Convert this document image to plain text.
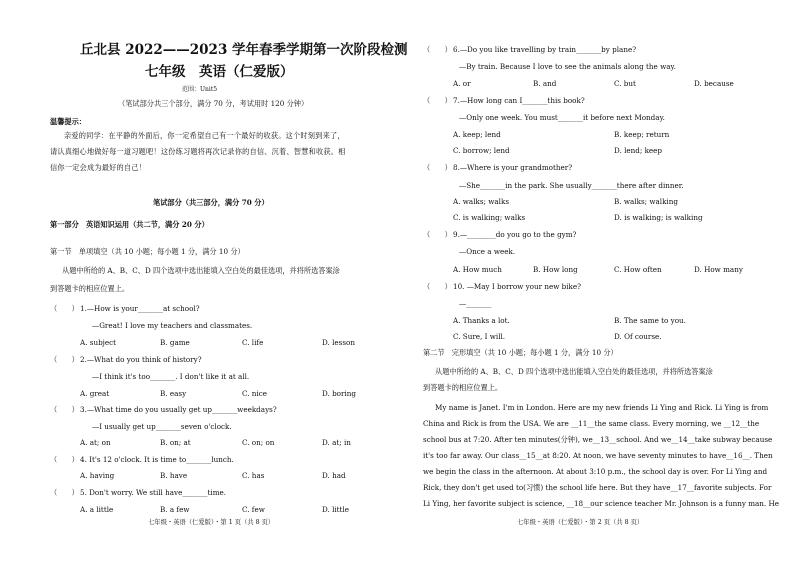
丘北县 2022——2023 学年春季学期第一次阶段检测
七年级　英语（仁爱版）
范围：Unit5
（笔试部分共三个部分，满分 70 分，考试用时 120 分钟）
温馨提示：
亲爱的同学：在平静的外面后，你一定希望自己有一个最好的收获。这个时刻到来了，
请认真细心地做好每一道习题吧！这份练习题将再次记录你的自信、沉着、智慧和收获。相
信你一定会成为最好的自己！
笔试部分（共三部分，满分 70 分）
第一部分　英语知识运用（共二节，满分 20 分）
第一节　单项填空（共 10 小题；每小题 1 分，满分 10 分）
从题中所给的 A、B、C、D 四个选项中选出能填入空白处的最佳选项，并将所选答案涂
到答题卡的相应位置上。
（　　） 1.—How is your_______at school?
—Great! I love my teachers and classmates.
A. subject	B. game	C. life	D. lesson
（　　） 2.—What do you think of history?
—I think it's too_______. I don't like it at all.
A. great	B. easy	C. nice	D. boring
（　　） 3.—What time do you usually get up_______weekdays?
—I usually get up_______seven o'clock.
A. at; on	B. on; at	C. on; on	D. at; in
（　　） 4. It's 12 o'clock. It is time to_______lunch.
A. having	B. have	C. has	D. had
（　　） 5. Don't worry. We still have_______time.
A. a little	B. a few	C. few	D. little
七年级・英语（仁爱版）・第 1 页（共 8 页）
（　　） 6.—Do you like travelling by train_______by plane?
—By train. Because I love to see the animals along the way.
A. or	B. and	C. but	D. because
（　　） 7.—How long can I_______this book?
—Only one week. You must_______it before next Monday.
A. keep; lend	B. keep; return
C. borrow; lend	D. lend; keep
（　　） 8.—Where is your grandmother?
—She_______in the park. She usually_______there after dinner.
A. walks; walks	B. walks; walking
C. is walking; walks	D. is walking; is walking
（　　） 9.—________do you go to the gym?
—Once a week.
A. How much	B. How long	C. How often	D. How many
（　　） 10. —May I borrow your new bike?
—_______
A. Thanks a lot.	B. The same to you.
C. Sure, I will.	D. Of course.
第二节　完形填空（共 10 小题；每小题 1 分，满分 10 分）
从题中所给的 A、B、C、D 四个选项中选出能填入空白处的最佳选项，并将所选答案涂
到答题卡的相应位置上。
My name is Janet. I'm in London. Here are my new friends Li Ying and Rick. Li Ying is from
China and Rick is from the USA. We are __11__the same class. Every morning, we __12__the
school bus at 7:20. After ten minutes(分钟), we__13__school. And we__14__take subway because
it's too far away. Our class__15__at 8:20. At noon, we have seventy minutes to have__16__. Then
we begin the class in the afternoon. At about 3:10 p.m., the school day is over. For Li Ying and
Rick, they don't get used to(习惯) the school life here. But they have__17__favorite subjects. For
Li Ying, her favorite subject is science, __18__our science teacher Mr. Johnson is a funny man. He
七年级・英语（仁爱版）・第 2 页（共 8 页）
